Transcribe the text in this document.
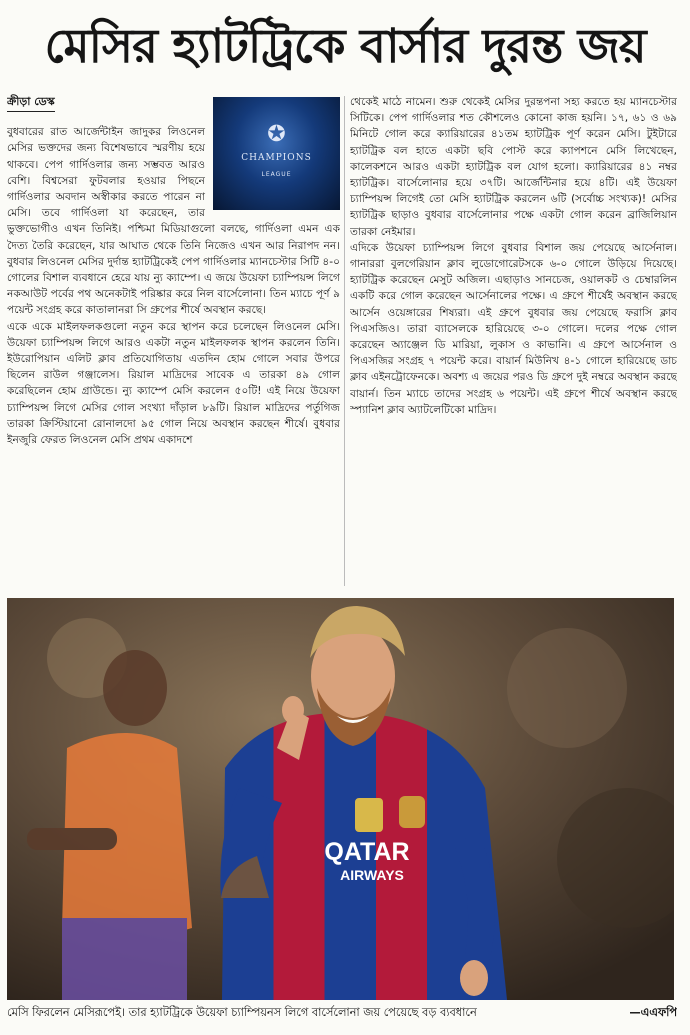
মেসির হ্যাটট্রিকে বার্সার দুরন্ত জয়
ক্রীড়া ডেস্ক
✪
CHAMPIONS
LEAGUE

বুধবারের রাত আর্জেন্টাইন জাদুকর লিওনেল মেসির ভক্তদের জন্য বিশেষভাবে স্মরণীয় হয়ে থাকবে। পেপ গার্দিওলার জন্য সম্ভবত আরও বেশি। বিশ্বসেরা ফুটবলার হওয়ার পিছনে গার্দিওলার অবদান অস্বীকার করতে পারেন না মেসি। তবে গার্দিওলা যা করেছেন, তার ভুক্তভোগীও এখন তিনিই। পশ্চিমা মিডিয়াগুলো বলছে, গার্দিওলা এমন এক দৈত্য তৈরি করেছেন, যার আঘাত থেকে তিনি নিজেও এখন আর নিরাপদ নন। বুধবার লিওনেল মেসির দুর্দান্ত হ্যাটট্রিকেই পেপ গার্দিওলার ম্যানচেস্টার সিটি ৪-০ গোলের বিশাল ব্যবধানে হেরে যায় ন্যু ক্যাম্পে। এ জয়ে উয়েফা চ্যাম্পিয়ন্স লিগে নকআউট পর্বের পথ অনেকটাই পরিষ্কার করে নিল বার্সেলোনা। তিন ম্যাচে পূর্ণ ৯ পয়েন্ট সংগ্রহ করে কাতালানরা সি গ্রুপের শীর্ষে অবস্থান করছে।

একে একে মাইলফলকগুলো নতুন করে স্থাপন করে চলেছেন লিওনেল মেসি। উয়েফা চ্যাম্পিয়ন্স লিগে আরও একটা নতুন মাইলফলক স্থাপন করলেন তিনি। ইউরোপিয়ান এলিট ক্লাব প্রতিযোগিতায় এতদিন হোম গোলে সবার উপরে ছিলেন রাউল গঞ্জালেস। রিয়াল মাদ্রিদের সাবেক এ তারকা ৪৯ গোল করেছিলেন হোম গ্রাউন্ডে। ন্যু ক্যাম্পে মেসি করলেন ৫০টি! এই নিয়ে উয়েফা চ্যাম্পিয়ন্স লিগে মেসির গোল সংখ্যা দাঁড়াল ৮৯টি। রিয়াল মাদ্রিদের পর্তুগিজ তারকা ক্রিস্টিয়ানো রোনালদো ৯৫ গোল নিয়ে অবস্থান করছেন শীর্ষে। বুধবার ইনজুরি ফেরত লিওনেল মেসি প্রথম একাদশে

থেকেই মাঠে নামেন। শুরু থেকেই মেসির দুরন্তপনা সহ্য করতে হয় ম্যানচেস্টার সিটিকে। পেপ গার্দিওলার শত কৌশলেও কোনো কাজ হয়নি। ১৭, ৬১ ও ৬৯ মিনিটে গোল করে ক্যারিয়ারের ৪১তম হ্যাটট্রিক পূর্ণ করেন মেসি। টুইটারে হ্যাটট্রিক বল হাতে একটা ছবি পোস্ট করে ক্যাপশনে মেসি লিখেছেন, কালেকশনে আরও একটা হ্যাটট্রিক বল যোগ হলো। ক্যারিয়ারের ৪১ নম্বর হ্যাটট্রিক। বার্সেলোনার হয়ে ৩৭টি। আর্জেন্টিনার হয়ে ৪টি। এই উয়েফা চ্যাম্পিয়ন্স লিগেই তো মেসি হ্যাটট্রিক করলেন ৬টি (সর্বোচ্চ সংখ্যক)! মেসির হ্যাটট্রিক ছাড়াও বুধবার বার্সেলোনার পক্ষে একটা গোল করেন ব্রাজিলিয়ান তারকা নেইমার।

এদিকে উয়েফা চ্যাম্পিয়ন্স লিগে বুধবার বিশাল জয় পেয়েছে আর্সেনাল। গানাররা বুলগেরিয়ান ক্লাব লুডোগোরেটসকে ৬-০ গোলে উড়িয়ে দিয়েছে। হ্যাটট্রিক করেছেন মেসুট অজিল। এছাড়াও সানচেজ, ওয়ালকট ও চেম্বারলিন একটি করে গোল করেছেন আর্সেনালের পক্ষে। এ গ্রুপে শীর্ষেই অবস্থান করছে আর্সেন ওয়েঙ্গারের শিষ্যরা। এই গ্রুপে বুধবার জয় পেয়েছে ফরাসি ক্লাব পিএসজিও। তারা ব্যাসেলকে হারিয়েছে ৩-০ গোলে। দলের পক্ষে গোল করেছেন অ্যাঞ্জেল ডি মারিয়া, লুকাস ও কাভানি। এ গ্রুপে আর্সেনাল ও পিএসজির সংগ্রহ ৭ পয়েন্ট করে। বায়ার্ন মিউনিখ ৪-১ গোলে হারিয়েছে ডাচ ক্লাব এইনট্রোফেনকে। অবশ্য এ জয়ের পরও ডি গ্রুপে দুই নম্বরে অবস্থান করছে বায়ার্ন। তিন ম্যাচে তাদের সংগ্রহ ৬ পয়েন্ট। এই গ্রুপে শীর্ষে অবস্থান করছে স্প্যানিশ ক্লাব অ্যাটলেটিকো মাদ্রিদ।

QATAR
AIRWAYS
মেসি ফিরলেন মেসিরূপেই। তার হ্যাটট্রিকে উয়েফা চ্যাম্পিয়নস লিগে বার্সেলোনা জয় পেয়েছে বড় ব্যবধানে	—এএফপি
